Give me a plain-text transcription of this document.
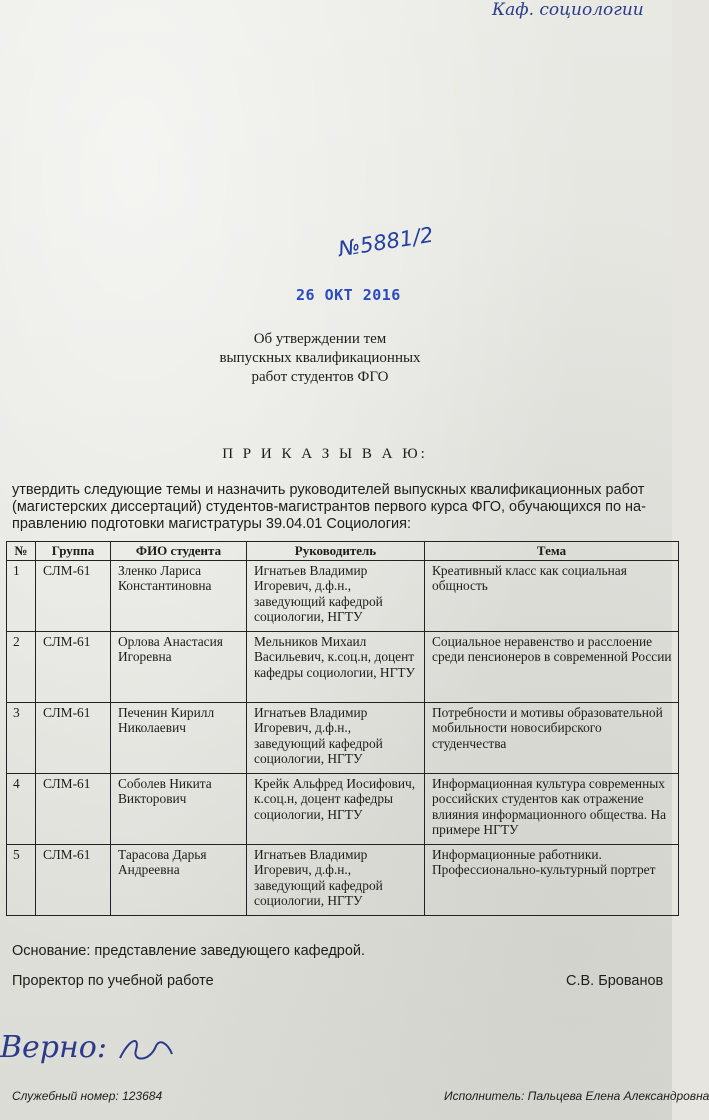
Каф. социологии
№5881/2
26 ОКТ 2016
Об утверждении тем
выпускных квалификационных
работ студентов ФГО
П Р И К А З Ы В А Ю:
утвердить следующие темы и назначить руководителей выпускных квалификационных работ
(магистерских диссертаций) студентов-магистрантов первого курса ФГО, обучающихся по на-
правлению подготовки магистратуры 39.04.01 Социология:
№	Группа	ФИО студента	Руководитель	Тема
1	СЛМ-61	Зленко Лариса Константиновна	Игнатьев Владимир Игоревич, д.ф.н., заведующий кафедрой социологии, НГТУ	Креативный класс как социальная общность
2	СЛМ-61	Орлова Анастасия Игоревна	Мельников Михаил Васильевич, к.соц.н, доцент кафедры социологии, НГТУ	Социальное неравенство и расслоение среди пенсионеров в современной России
3	СЛМ-61	Печенин Кирилл Николаевич	Игнатьев Владимир Игоревич, д.ф.н., заведующий кафедрой социологии, НГТУ	Потребности и мотивы образовательной мобильности новосибирского студенчества
4	СЛМ-61	Соболев Никита Викторович	Крейк Альфред Иосифович, к.соц.н, доцент кафедры социологии, НГТУ	Информационная культура современных российских студентов как отражение влияния информационного общества. На примере НГТУ
5	СЛМ-61	Тарасова Дарья Андреевна	Игнатьев Владимир Игоревич, д.ф.н., заведующий кафедрой социологии, НГТУ	Информационные работники. Профессионально-культурный портрет
Основание: представление заведующего кафедрой.
Проректор по учебной работе	С.В. Брованов
Верно:
Служебный номер: 123684	Исполнитель: Пальцева Елена Александровна
